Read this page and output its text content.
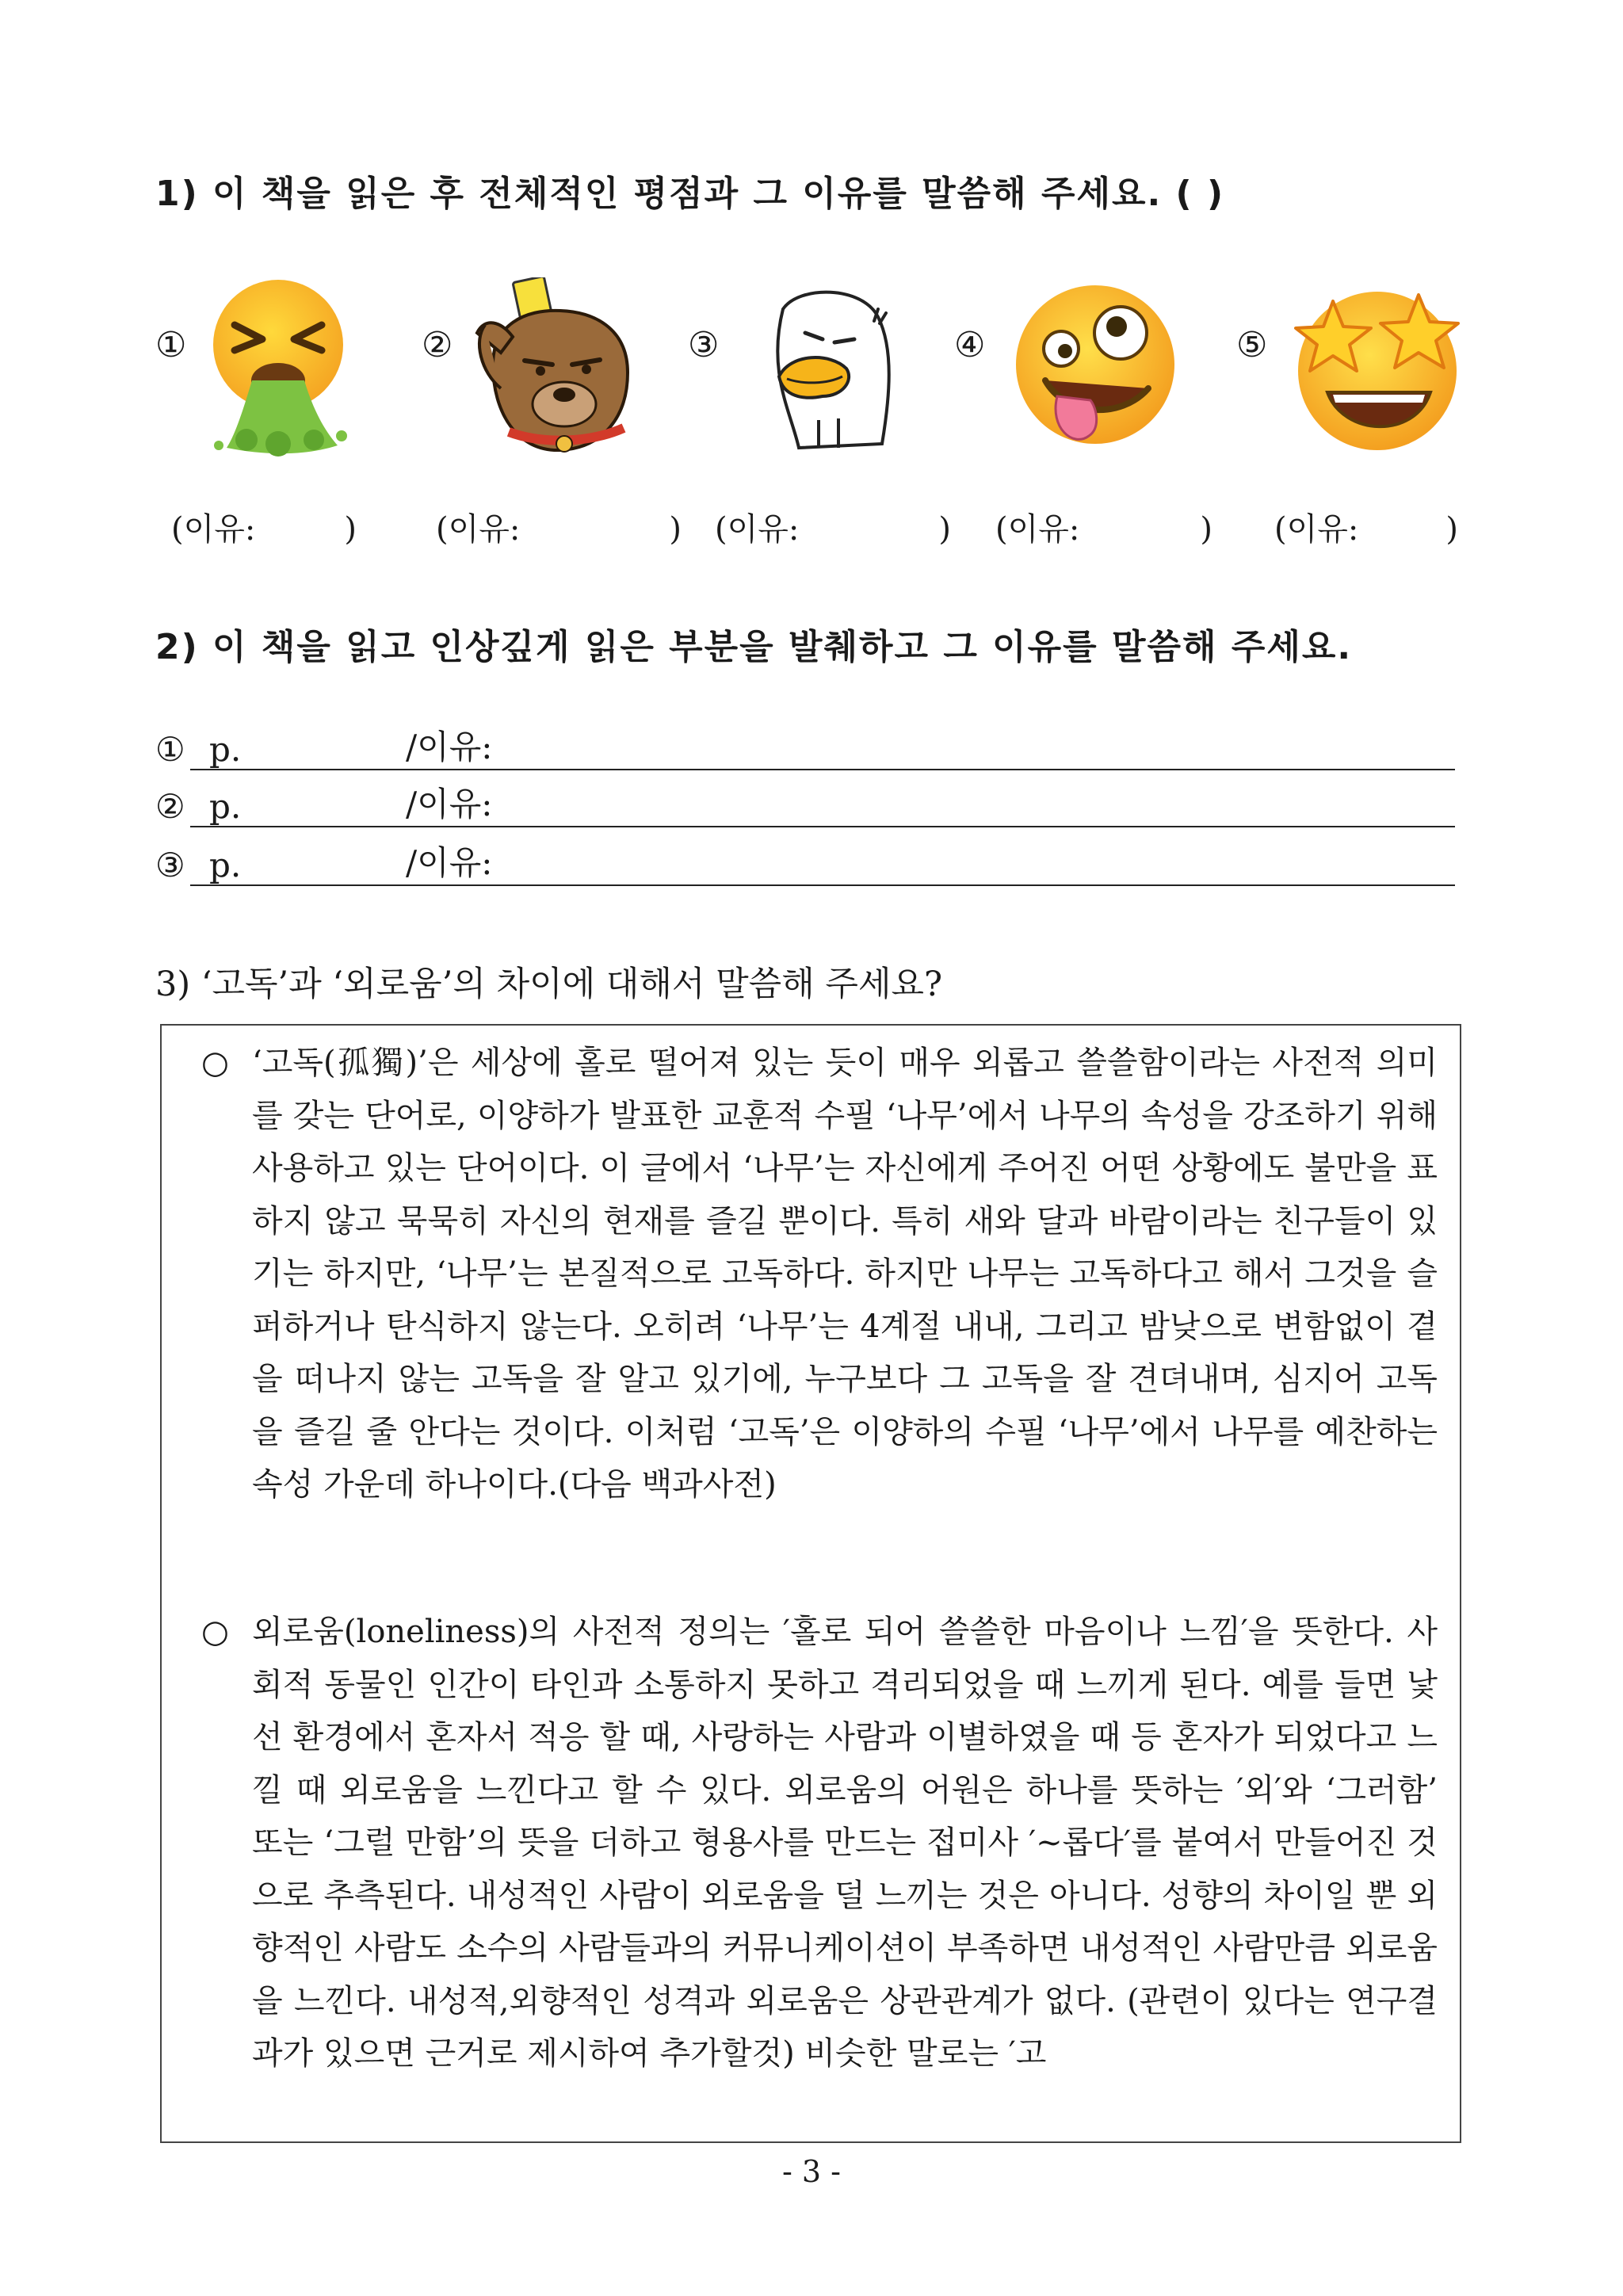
1) 이 책을 읽은 후 전체적인 평점과 그 이유를 말씀해 주세요. ( )
①	②	③	④	⑤
(이유:	)	(이유:	) (이유:	) (이유:	) (이유:	)
2) 이 책을 읽고 인상깊게 읽은 부분을 발췌하고 그 이유를 말씀해 주세요.
① p.	/이유:
② p.	/이유:
③ p.	/이유:
3) ‘고독’과 ‘외로움’의 차이에 대해서 말씀해 주세요?
○ ‘고독(孤獨)’은 세상에 홀로 떨어져 있는 듯이 매우 외롭고 쓸쓸함이라는 사전적 의미를 갖는 단어로, 이양하가 발표한 교훈적 수필 ‘나무’에서 나무의 속성을 강조하기 위해 사용하고 있는 단어이다. 이 글에서 ‘나무’는 자신에게 주어진 어떤 상황에도 불만을 표하지 않고 묵묵히 자신의 현재를 즐길 뿐이다. 특히 새와 달과 바람이라는 친구들이 있기는 하지만, ‘나무’는 본질적으로 고독하다. 하지만 나무는 고독하다고 해서 그것을 슬퍼하거나 탄식하지 않는다. 오히려 ‘나무’는 4계절 내내, 그리고 밤낮으로 변함없이 곁을 떠나지 않는 고독을 잘 알고 있기에, 누구보다 그 고독을 잘 견뎌내며, 심지어 고독을 즐길 줄 안다는 것이다. 이처럼 ‘고독’은 이양하의 수필 ‘나무’에서 나무를 예찬하는 속성 가운데 하나이다.(다음 백과사전)
○ 외로움(loneliness)의 사전적 정의는 ′홀로 되어 쓸쓸한 마음이나 느낌′을 뜻한다. 사회적 동물인 인간이 타인과 소통하지 못하고 격리되었을 때 느끼게 된다. 예를 들면 낯선 환경에서 혼자서 적응 할 때, 사랑하는 사람과 이별하였을 때 등 혼자가 되었다고 느낄 때 외로움을 느낀다고 할 수 있다. 외로움의 어원은 하나를 뜻하는 ′외′와 ‘그러함’ 또는 ‘그럴 만함’의 뜻을 더하고 형용사를 만드는 접미사 ′~롭다′를 붙여서 만들어진 것으로 추측된다. 내성적인 사람이 외로움을 덜 느끼는 것은 아니다. 성향의 차이일 뿐 외향적인 사람도 소수의 사람들과의 커뮤니케이션이 부족하면 내성적인 사람만큼 외로움을 느낀다. 내성적,외향적인 성격과 외로움은 상관관계가 없다. (관련이 있다는 연구결과가 있으면 근거로 제시하여 추가할것) 비슷한 말로는 ′고
- 3 -
